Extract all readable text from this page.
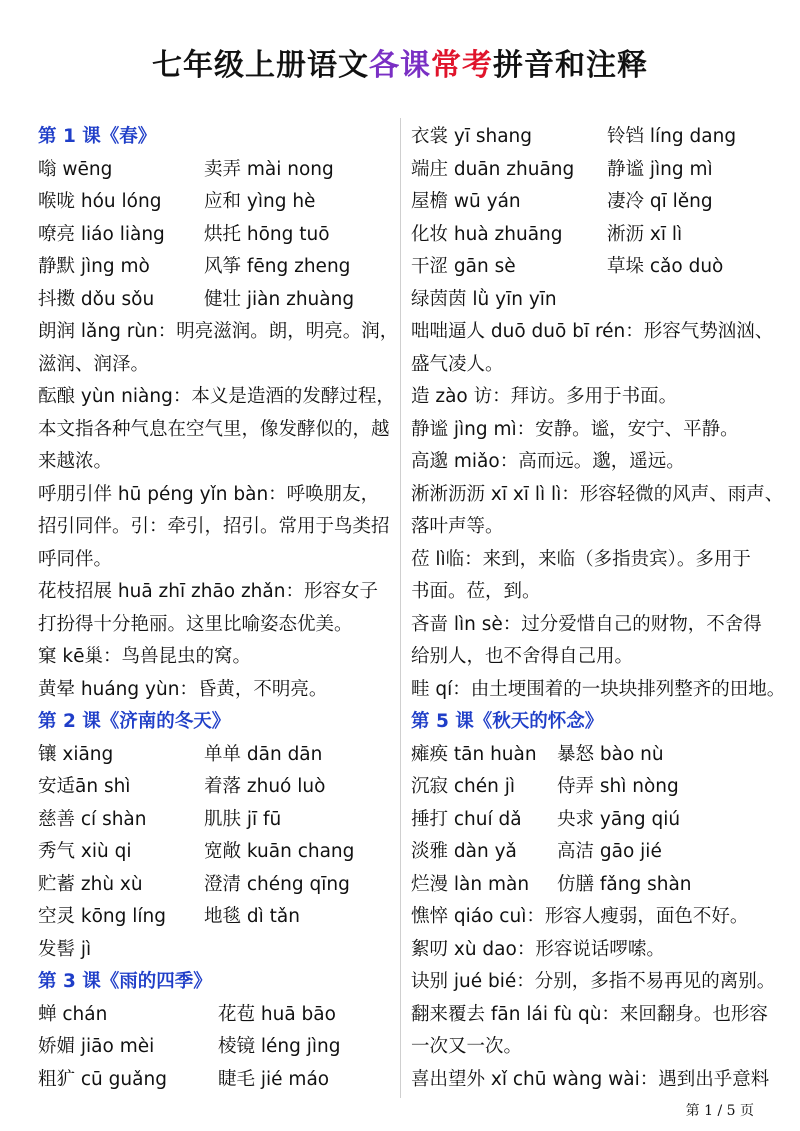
七年级上册语文各课常考拼音和注释
第 1 课《春》
嗡 wēng	卖弄 mài nong
喉咙 hóu lóng 应和 yìng hè
嘹亮 liáo liàng 烘托 hōng tuō
静默 jìng mò	风筝 fēng zheng
抖擞 dǒu sǒu	健壮 jiàn zhuàng
朗润 lǎng rùn：明亮滋润。朗，明亮。润，
滋润、润泽。
酝酿 yùn niàng：本义是造酒的发酵过程，
本文指各种气息在空气里，像发酵似的，越
来越浓。
呼朋引伴 hū péng yǐn bàn：呼唤朋友，
招引同伴。引：牵引，招引。常用于鸟类招
呼同伴。
花枝招展 huā zhī zhāo zhǎn：形容女子
打扮得十分艳丽。这里比喻姿态优美。
窠 kē巢：鸟兽昆虫的窝。
黄晕 huáng yùn：昏黄，不明亮。
第 2 课《济南的冬天》
镶 xiāng	单单 dān dān
安适ān shì	着落 zhuó luò
慈善 cí shàn	肌肤 jī fū
秀气 xiù qi	宽敞 kuān chang
贮蓄 zhù xù	澄清 chéng qīng
空灵 kōng líng 地毯 dì tǎn
发髻 jì
第 3 课《雨的四季》
蝉 chán	花苞 huā bāo
娇媚 jiāo mèi	棱镜 léng jìng
粗犷 cū guǎng	睫毛 jié máo
衣裳 yī shang	铃铛 líng dang
端庄 duān zhuāng 静谧 jìng mì
屋檐 wū yán	凄冷 qī lěng
化妆 huà zhuāng 淅沥 xī lì
干涩 gān sè	草垛 cǎo duò
绿茵茵 lǜ yīn yīn
咄咄逼人 duō duō bī rén：形容气势汹汹、
盛气凌人。
造 zào 访：拜访。多用于书面。
静谧 jìng mì：安静。谧，安宁、平静。
高邈 miǎo：高而远。邈，遥远。
淅淅沥沥 xī xī lì lì：形容轻微的风声、雨声、
落叶声等。
莅 lì临：来到，来临（多指贵宾）。多用于
书面。莅，到。
吝啬 lìn sè：过分爱惜自己的财物，不舍得
给别人，也不舍得自己用。
畦 qí：由土埂围着的一块块排列整齐的田地。
第 5 课《秋天的怀念》
瘫痪 tān huàn 暴怒 bào nù
沉寂 chén jì 侍弄 shì nòng
捶打 chuí dǎ 央求 yāng qiú
淡雅 dàn yǎ 高洁 gāo jié
烂漫 làn màn 仿膳 fǎng shàn
憔悴 qiáo cuì：形容人瘦弱，面色不好。
絮叨 xù dao：形容说话啰嗦。
诀别 jué bié：分别，多指不易再见的离别。
翻来覆去 fān lái fù qù：来回翻身。也形容
一次又一次。
喜出望外 xǐ chū wàng wài：遇到出乎意料
第 1 / 5 页
